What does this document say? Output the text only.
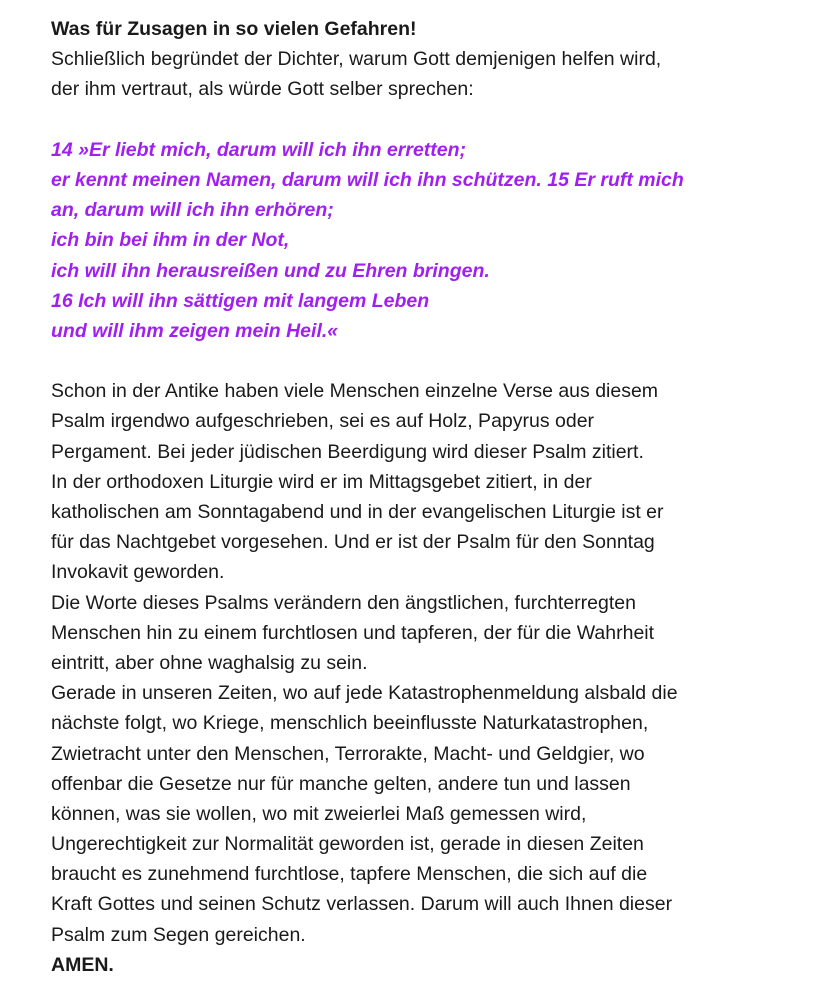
Was für Zusagen in so vielen Gefahren!
Schließlich begründet der Dichter, warum Gott demjenigen helfen wird,
der ihm vertraut, als würde Gott selber sprechen:
14 »Er liebt mich, darum will ich ihn erretten;
er kennt meinen Namen, darum will ich ihn schützen. 15 Er ruft mich
an, darum will ich ihn erhören;
ich bin bei ihm in der Not,
ich will ihn herausreißen und zu Ehren bringen.
16 Ich will ihn sättigen mit langem Leben
und will ihm zeigen mein Heil.«
Schon in der Antike haben viele Menschen einzelne Verse aus diesem
Psalm irgendwo aufgeschrieben, sei es auf Holz, Papyrus oder
Pergament. Bei jeder jüdischen Beerdigung wird dieser Psalm zitiert.
In der orthodoxen Liturgie wird er im Mittagsgebet zitiert, in der
katholischen am Sonntagabend und in der evangelischen Liturgie ist er
für das Nachtgebet vorgesehen. Und er ist der Psalm für den Sonntag
Invokavit geworden.
Die Worte dieses Psalms verändern den ängstlichen, furchterregten
Menschen hin zu einem furchtlosen und tapferen, der für die Wahrheit
eintritt, aber ohne waghalsig zu sein.
Gerade in unseren Zeiten, wo auf jede Katastrophenmeldung alsbald die
nächste folgt, wo Kriege, menschlich beeinflusste Naturkatastrophen,
Zwietracht unter den Menschen, Terrorakte, Macht- und Geldgier, wo
offenbar die Gesetze nur für manche gelten, andere tun und lassen
können, was sie wollen, wo mit zweierlei Maß gemessen wird,
Ungerechtigkeit zur Normalität geworden ist, gerade in diesen Zeiten
braucht es zunehmend furchtlose, tapfere Menschen, die sich auf die
Kraft Gottes und seinen Schutz verlassen. Darum will auch Ihnen dieser
Psalm zum Segen gereichen.
AMEN.
